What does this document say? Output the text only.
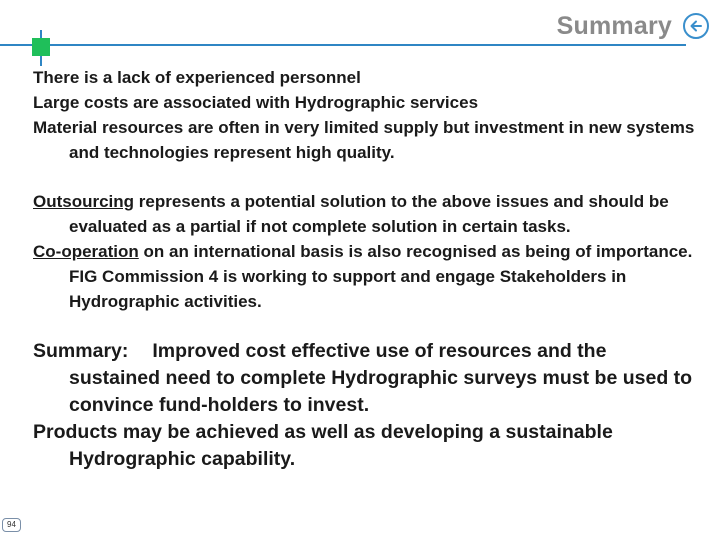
Summary

There is a lack of experienced personnel

Large costs are associated with Hydrographic services

Material resources are often in very limited supply but investment in new systems and technologies represent high quality.

Outsourcing represents a potential solution to the above issues and should be evaluated as a partial if not complete solution in certain tasks.

Co-operation on an international basis is also recognised as being of importance. FIG Commission 4 is working to support and engage Stakeholders in Hydrographic activities.

Summary: Improved cost effective use of resources and the sustained need to complete Hydrographic surveys must be used to convince fund-holders to invest.

Products may be achieved as well as developing a sustainable Hydrographic capability.

94
